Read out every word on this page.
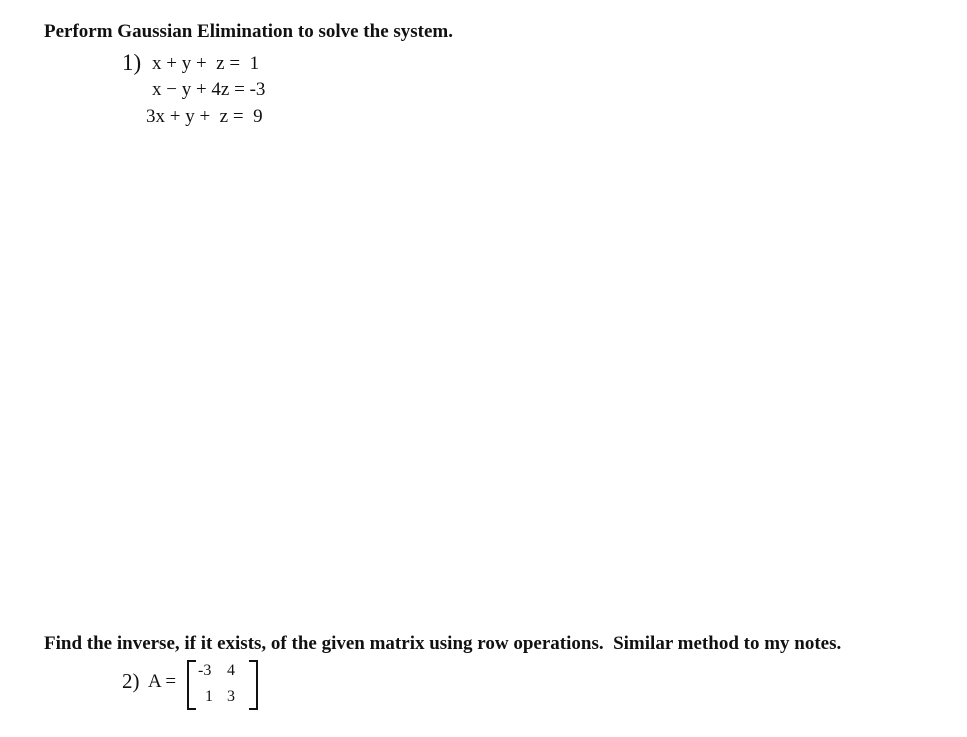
Perform Gaussian Elimination to solve the system.
1) x + y +  z =  1
x − y + 4z = -3
3x + y +  z =  9
Find the inverse, if it exists, of the given matrix using row operations.  Similar method to my notes.
2) A =
-3 4
1 3
